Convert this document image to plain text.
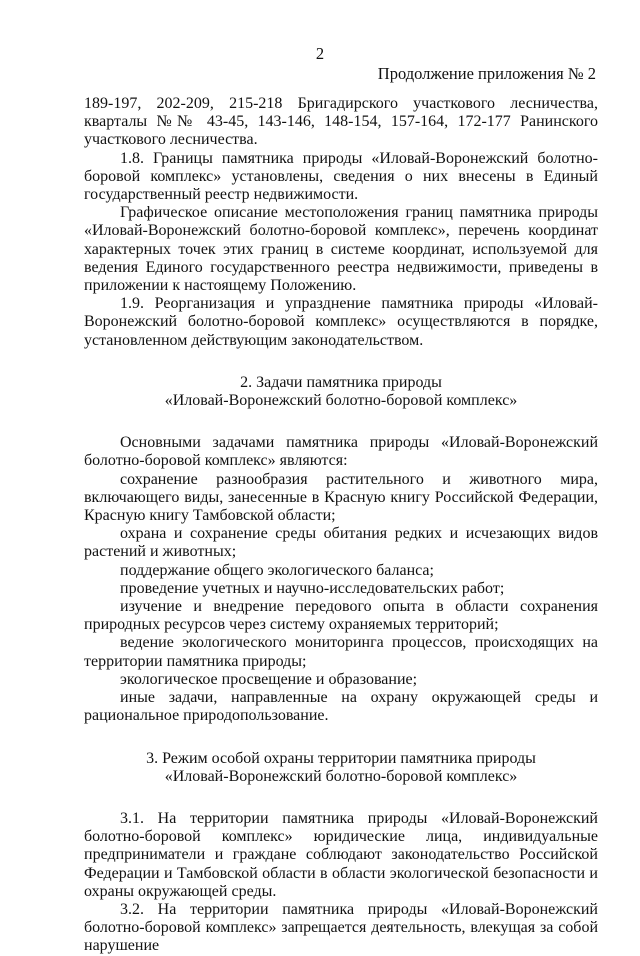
2
Продолжение приложения № 2

189-197, 202-209, 215-218 Бригадирского участкового лесничества, кварталы №№ 43-45, 143-146, 148-154, 157-164, 172-177 Ранинского участкового лесничества.

1.8. Границы памятника природы «Иловай-Воронежский болотно-боровой комплекс» установлены, сведения о них внесены в Единый государственный реестр недвижимости.

Графическое описание местоположения границ памятника природы «Иловай-Воронежский болотно-боровой комплекс», перечень координат характерных точек этих границ в системе координат, используемой для ведения Единого государственного реестра недвижимости, приведены в приложении к настоящему Положению.

1.9. Реорганизация и упразднение памятника природы «Иловай-Воронежский болотно-боровой комплекс» осуществляются в порядке, установленном действующим законодательством.

2. Задачи памятника природы
«Иловай-Воронежский болотно-боровой комплекс»

Основными задачами памятника природы «Иловай-Воронежский болотно-боровой комплекс» являются:

сохранение разнообразия растительного и животного мира, включающего виды, занесенные в Красную книгу Российской Федерации, Красную книгу Тамбовской области;

охрана и сохранение среды обитания редких и исчезающих видов растений и животных;

поддержание общего экологического баланса;

проведение учетных и научно-исследовательских работ;

изучение и внедрение передового опыта в области сохранения природных ресурсов через систему охраняемых территорий;

ведение экологического мониторинга процессов, происходящих на территории памятника природы;

экологическое просвещение и образование;

иные задачи, направленные на охрану окружающей среды и рациональное природопользование.

3. Режим особой охраны территории памятника природы
«Иловай-Воронежский болотно-боровой комплекс»

3.1. На территории памятника природы «Иловай-Воронежский болотно-боровой комплекс» юридические лица, индивидуальные предприниматели и граждане соблюдают законодательство Российской Федерации и Тамбовской области в области экологической безопасности и охраны окружающей среды.

3.2. На территории памятника природы «Иловай-Воронежский болотно-боровой комплекс» запрещается деятельность, влекущая за собой нарушение
